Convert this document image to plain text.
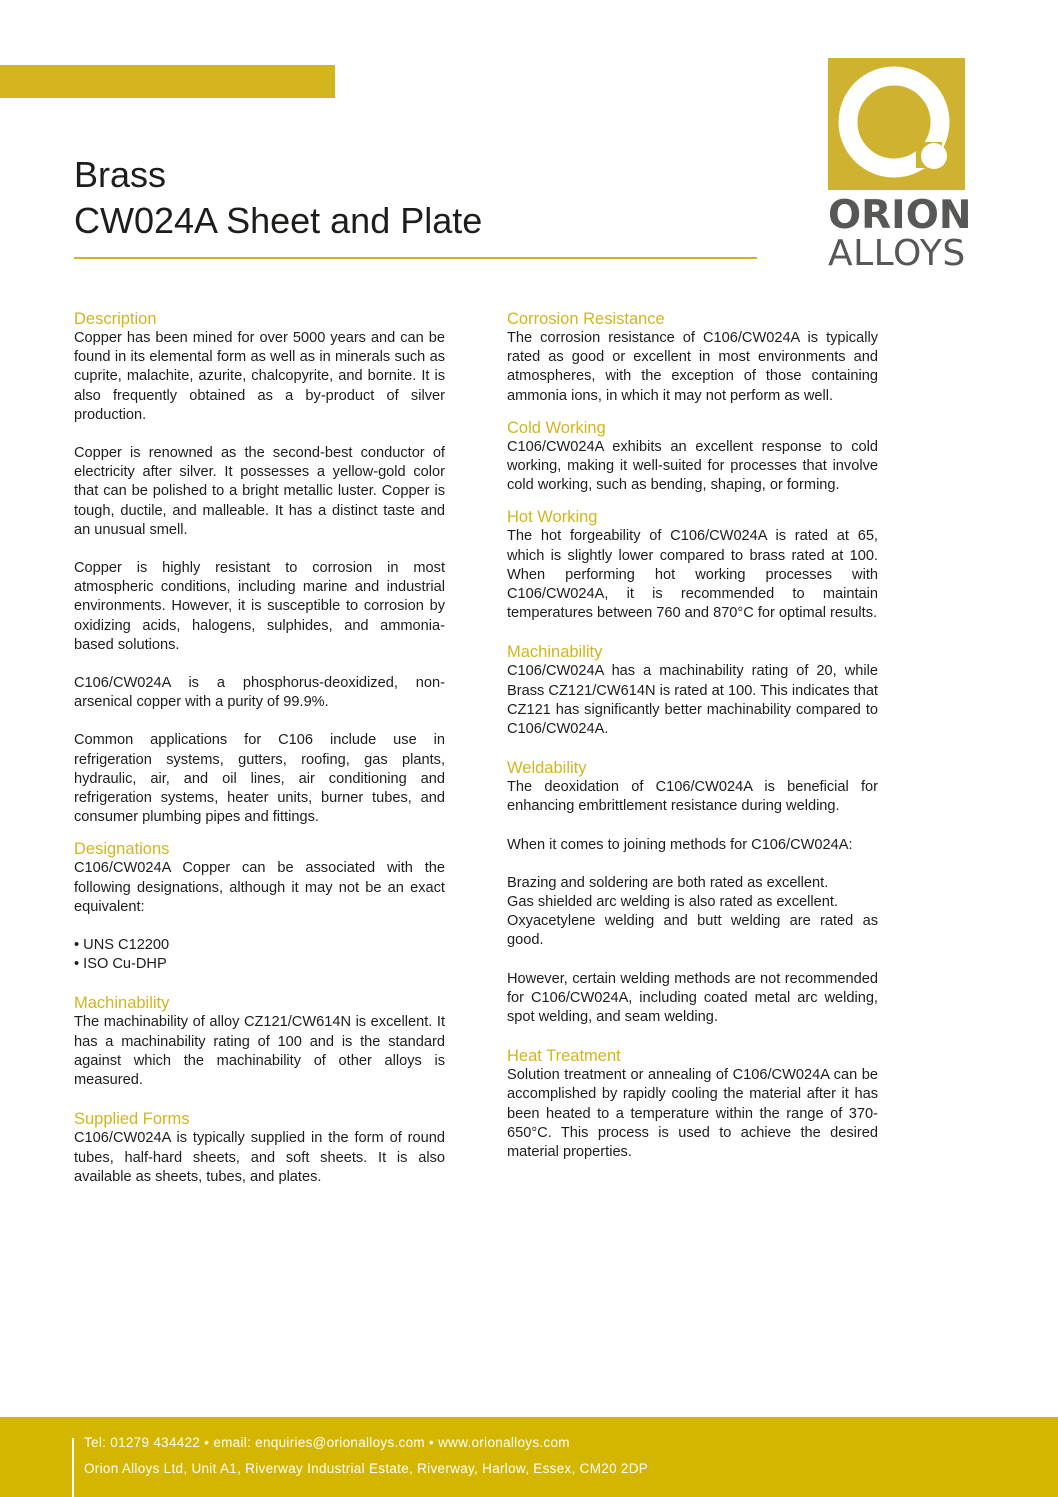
Brass
CW024A Sheet and Plate	ORION
ALLOYS
Description

Copper has been mined for over 5000 years and can be found in its elemental form as well as in minerals such as cuprite, malachite, azurite, chalcopyrite, and bornite. It is also frequently obtained as a by-product of silver production.

Copper is renowned as the second-best conductor of electricity after silver. It possesses a yellow-gold color that can be polished to a bright metallic luster. Copper is tough, ductile, and malleable. It has a distinct taste and an unusual smell.

Copper is highly resistant to corrosion in most atmospheric conditions, including marine and industrial environments. However, it is susceptible to corrosion by oxidizing acids, halogens, sulphides, and ammonia-based solutions.

C106/CW024A is a phosphorus-deoxidized, non-arsenical copper with a purity of 99.9%.

Common applications for C106 include use in refrigeration systems, gutters, roofing, gas plants, hydraulic, air, and oil lines, air conditioning and refrigeration systems, heater units, burner tubes, and consumer plumbing pipes and fittings.

Designations

C106/CW024A Copper can be associated with the following designations, although it may not be an exact equivalent:

• UNS C12200
• ISO Cu-DHP
Machinability

The machinability of alloy CZ121/CW614N is excellent. It has a machinability rating of 100 and is the standard against which the machinability of other alloys is measured.

Supplied Forms

C106/CW024A is typically supplied in the form of round tubes, half-hard sheets, and soft sheets. It is also available as sheets, tubes, and plates.

Corrosion Resistance

The corrosion resistance of C106/CW024A is typically rated as good or excellent in most environments and atmospheres, with the exception of those containing ammonia ions, in which it may not perform as well.

Cold Working

C106/CW024A exhibits an excellent response to cold working, making it well-suited for processes that involve cold working, such as bending, shaping, or forming.

Hot Working

The hot forgeability of C106/CW024A is rated at 65, which is slightly lower compared to brass rated at 100. When performing hot working processes with C106/CW024A, it is recommended to maintain temperatures between 760 and 870°C for optimal results.

Machinability

C106/CW024A has a machinability rating of 20, while Brass CZ121/CW614N is rated at 100. This indicates that CZ121 has significantly better machinability compared to C106/CW024A.

Weldability

The deoxidation of C106/CW024A is beneficial for enhancing embrittlement resistance during welding.

When it comes to joining methods for C106/CW024A:

Brazing and soldering are both rated as excellent.

Gas shielded arc welding is also rated as excellent.

Oxyacetylene welding and butt welding are rated as good.

However, certain welding methods are not recommended for C106/CW024A, including coated metal arc welding, spot welding, and seam welding.

Heat Treatment

Solution treatment or annealing of C106/CW024A can be accomplished by rapidly cooling the material after it has been heated to a temperature within the range of 370-650°C. This process is used to achieve the desired material properties.

Tel: 01279 434422 • email: enquiries@orionalloys.com • www.orionalloys.com
Orion Alloys Ltd, Unit A1, Riverway Industrial Estate, Riverway, Harlow, Essex, CM20 2DP
